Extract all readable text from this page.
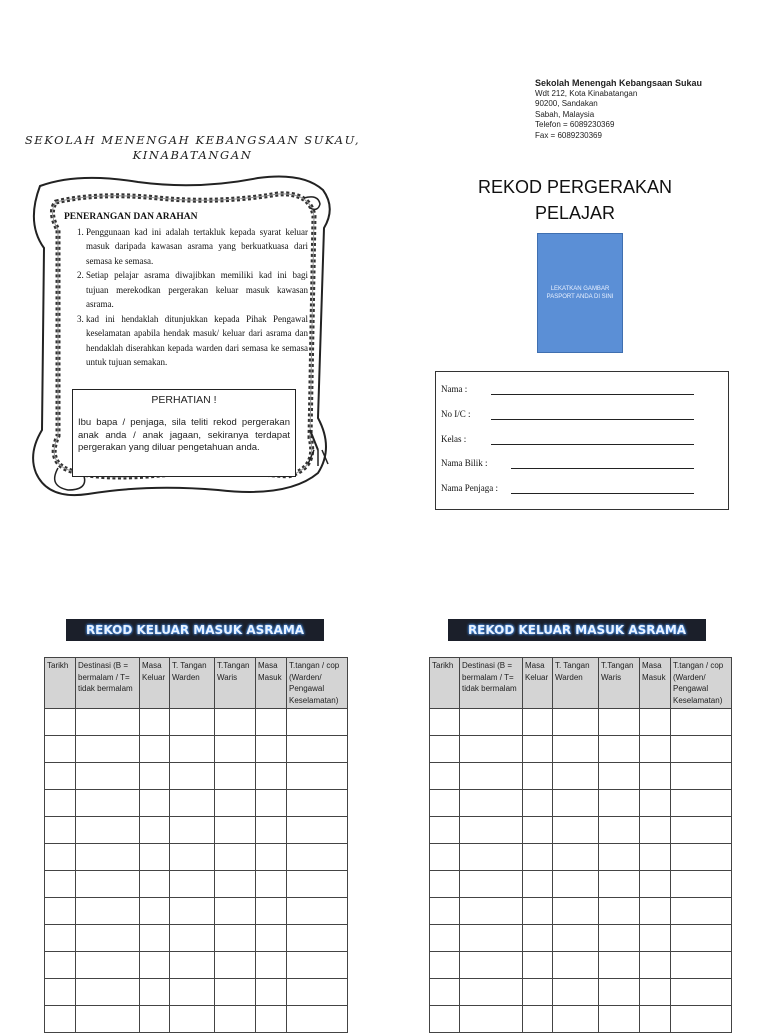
Sekolah Menengah Kebangsaan Sukau
Wdt 212, Kota Kinabatangan
90200, Sandakan
Sabah, Malaysia
Telefon = 6089230369
Fax = 6089230369
SEKOLAH MENENGAH KEBANGSAAN SUKAU,
KINABATANGAN
PENERANGAN DAN ARAHAN
1. Penggunaan kad ini adalah tertakluk kepada syarat keluar masuk daripada kawasan asrama yang berkuatkuasa dari semasa ke semasa.
2. Setiap pelajar asrama diwajibkan memiliki kad ini bagi tujuan merekodkan pergerakan keluar masuk kawasan asrama.
3. kad ini hendaklah ditunjukkan kepada Pihak Pengawal keselamatan apabila hendak masuk/ keluar dari asrama dan hendaklah diserahkan kepada warden dari semasa ke semasa untuk tujuan semakan.
PERHATIAN !
Ibu bapa / penjaga, sila teliti rekod pergerakan anak anda / anak jagaan, sekiranya terdapat pergerakan yang diluar pengetahuan anda.
REKOD PERGERAKAN
PELAJAR
LEKATKAN GAMBAR PASPORT ANDA DI SINI
Nama :
No I/C :
Kelas :
Nama Bilik :
Nama Penjaga :
REKOD KELUAR MASUK ASRAMA	REKOD KELUAR MASUK ASRAMA
Tarikh	Destinasi (B = bermalam / T= tidak bermalam	Masa Keluar	T. Tangan Warden	T.Tangan Waris	Masa Masuk	T.tangan / cop (Warden/ Pengawal Keselamatan)

Tarikh	Destinasi (B = bermalam / T= tidak bermalam	Masa Keluar	T. Tangan Warden	T.Tangan Waris	Masa Masuk	T.tangan / cop (Warden/ Pengawal Keselamatan)
